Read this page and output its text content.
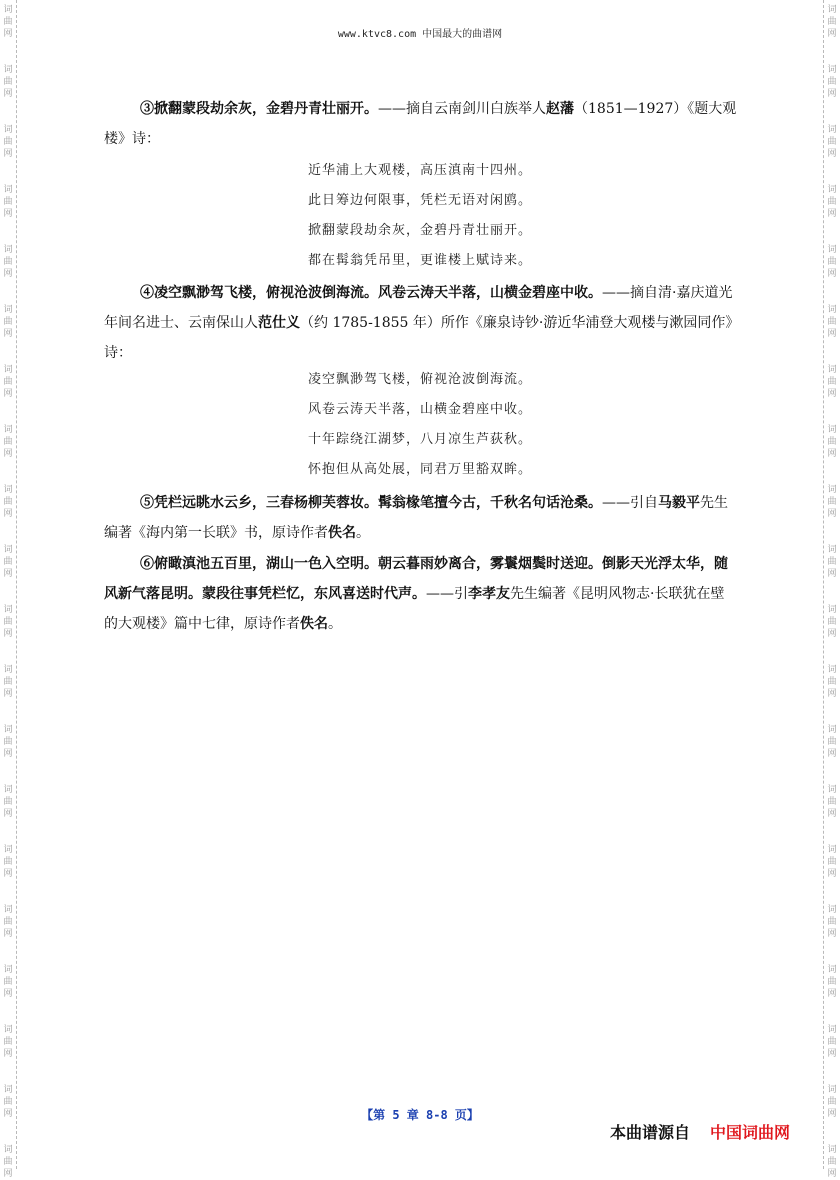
词
曲
网
词
曲
网
词
曲
网
词
曲
网
词
曲
网
词
曲
网
词
曲
网
词
曲
网
词
曲
网
词
曲
网
词
曲
网
词
曲
网
词
曲
网
词
曲
网
词
曲
网
词
曲
网
词
曲
网
词
曲
网
词
曲
网
词
曲
网
词
曲
网
词
曲
网
词
曲
网
词
曲
网
词
曲
网
词
曲
网
词
曲
网
词
曲
网
词
曲
网
词
曲
网
词
曲
网
词
曲
网
词
曲
网
词
曲
网
词
曲
网
词
曲
网
词
曲
网
词
曲
网
词
曲
网
词
曲
网
www.ktvc8.com 中国最大的曲谱网
③掀翻蒙段劫余灰，金碧丹青壮丽开。——摘自云南剑川白族举人赵藩（1851—1927）《题大观楼》诗：
近华浦上大观楼，高压滇南十四州。
此日筹边何限事，凭栏无语对闲鸥。
掀翻蒙段劫余灰，金碧丹青壮丽开。
都在髯翁凭吊里，更谁楼上赋诗来。
④凌空飘渺驾飞楼，俯视沧波倒海流。风卷云涛天半落，山横金碧座中收。——摘自清·嘉庆道光年间名进士、云南保山人范仕义（约 1785-1855 年）所作《廉泉诗钞·游近华浦登大观楼与漱园同作》诗：
凌空飘渺驾飞楼，俯视沧波倒海流。
风卷云涛天半落，山横金碧座中收。
十年踪绕江湖梦，八月凉生芦荻秋。
怀抱但从高处展，同君万里豁双眸。
⑤凭栏远眺水云乡，三春杨柳芙蓉妆。髯翁椽笔擅今古，千秋名句话沧桑。——引自马毅平先生编著《海内第一长联》书，原诗作者佚名。
⑥俯瞰滇池五百里，湖山一色入空明。朝云暮雨妙离合，雾鬟烟鬓时送迎。倒影天光浮太华，随风新气落昆明。蒙段往事凭栏忆，东风喜送时代声。——引李孝友先生编著《昆明风物志·长联犹在壁的大观楼》篇中七律，原诗作者佚名。
【第 5 章 8-8 页】
本曲谱源自 中国词曲网
